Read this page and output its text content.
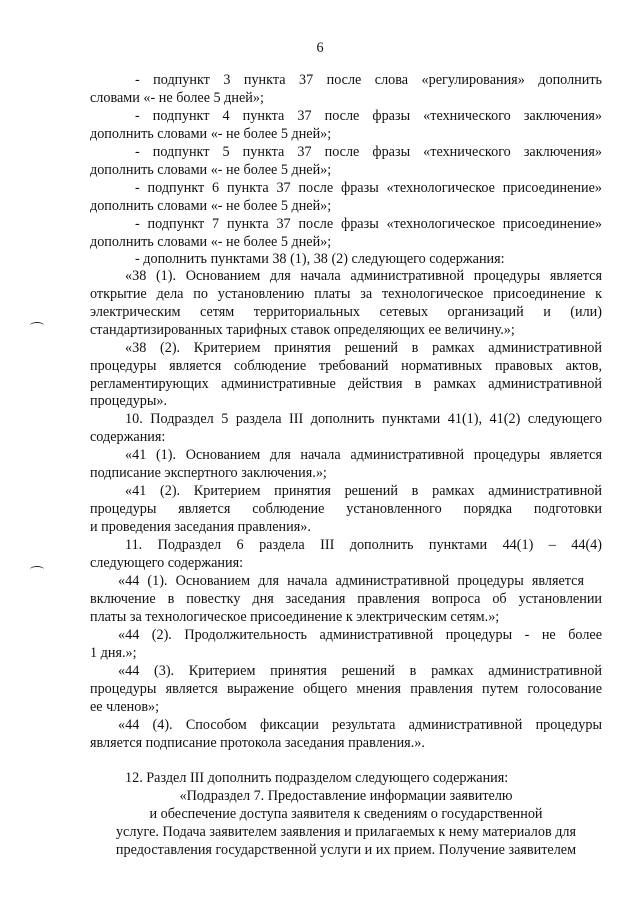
6
- подпункт 3 пункта 37 после слова «регулирования» дополнить
словами «- не более 5 дней»;
- подпункт 4 пункта 37 после фразы «технического заключения»
дополнить словами «- не более 5 дней»;
- подпункт 5 пункта 37 после фразы «технического заключения»
дополнить словами «- не более 5 дней»;
- подпункт 6 пункта 37 после фразы «технологическое присоединение»
дополнить словами «- не более 5 дней»;
- подпункт 7 пункта 37 после фразы «технологическое присоединение»
дополнить словами «- не более 5 дней»;
- дополнить пунктами 38 (1), 38 (2) следующего содержания:
«38 (1). Основанием для начала административной процедуры является
открытие дела по установлению платы за технологическое присоединение к
электрическим сетям территориальных сетевых организаций и (или)
стандартизированных тарифных ставок определяющих ее величину.»;
«38 (2). Критерием принятия решений в рамках административной
процедуры является соблюдение требований нормативных правовых актов,
регламентирующих административные действия в рамках административной
процедуры».
10. Подраздел 5 раздела III дополнить пунктами 41(1), 41(2) следующего
содержания:
«41 (1). Основанием для начала административной процедуры является
подписание экспертного заключения.»;
«41 (2). Критерием принятия решений в рамках административной
процедуры является соблюдение установленного порядка подготовки
и проведения заседания правления».
11. Подраздел 6 раздела III дополнить пунктами 44(1) – 44(4)
следующего содержания:
«44 (1). Основанием для начала административной процедуры является
включение в повестку дня заседания правления вопроса об установлении
платы за технологическое присоединение к электрическим сетям.»;
«44 (2). Продолжительность административной процедуры - не более
1 дня.»;
«44 (3). Критерием принятия решений в рамках административной
процедуры является выражение общего мнения правления путем голосование
ее членов»;
«44 (4). Способом фиксации результата административной процедуры
является подписание протокола заседания правления.».
12. Раздел III дополнить подразделом следующего содержания:
«Подраздел 7. Предоставление информации заявителю
и обеспечение доступа заявителя к сведениям о государственной
услуге. Подача заявителем заявления и прилагаемых к нему материалов для
предоставления государственной услуги и их прием. Получение заявителем
